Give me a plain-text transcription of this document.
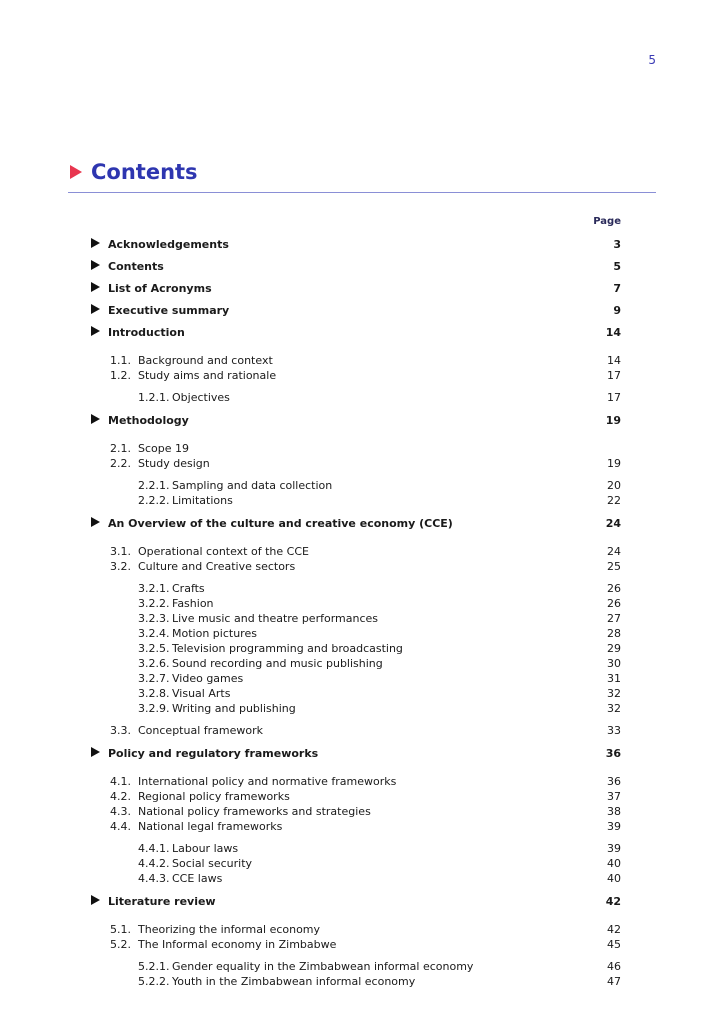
5
Contents
Page
Acknowledgements	3
Contents	5
List of Acronyms	7
Executive summary	9
Introduction	14
1.1. Background and context	14
1.2. Study aims and rationale	17
1.2.1. Objectives	17
Methodology	19
2.1. Scope 19
2.2. Study design	19
2.2.1. Sampling and data collection	20
2.2.2. Limitations	22
An Overview of the culture and creative economy (CCE)	24
3.1. Operational context of the CCE	24
3.2. Culture and Creative sectors	25
3.2.1. Crafts	26
3.2.2. Fashion	26
3.2.3. Live music and theatre performances	27
3.2.4. Motion pictures	28
3.2.5. Television programming and broadcasting	29
3.2.6. Sound recording and music publishing	30
3.2.7. Video games	31
3.2.8. Visual Arts	32
3.2.9. Writing and publishing	32
3.3. Conceptual framework	33
Policy and regulatory frameworks	36
4.1. International policy and normative frameworks	36
4.2. Regional policy frameworks	37
4.3. National policy frameworks and strategies	38
4.4. National legal frameworks	39
4.4.1. Labour laws	39
4.4.2. Social security	40
4.4.3. CCE laws	40
Literature review	42
5.1. Theorizing the informal economy	42
5.2. The Informal economy in Zimbabwe	45
5.2.1. Gender equality in the Zimbabwean informal economy	46
5.2.2. Youth in the Zimbabwean informal economy	47
